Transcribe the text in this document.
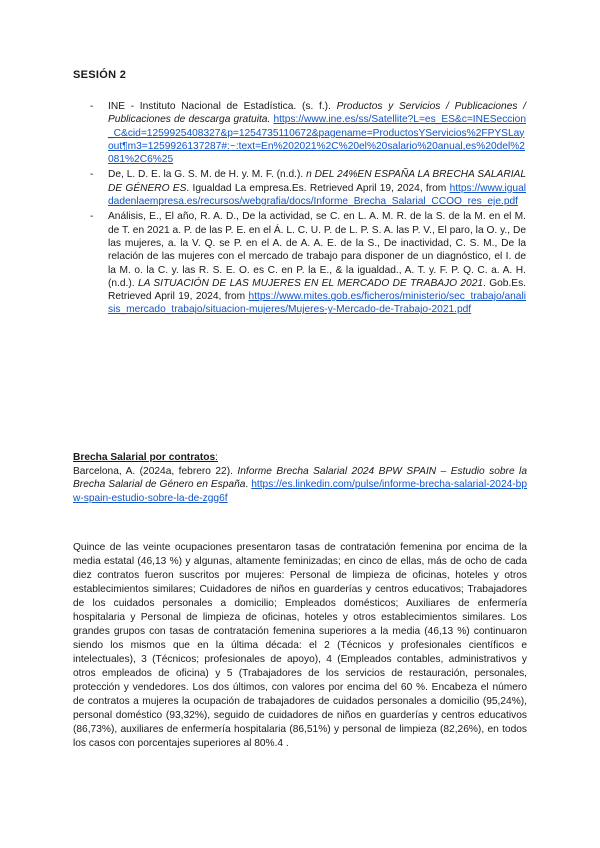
SESIÓN 2
- INE - Instituto Nacional de Estadística. (s. f.). Productos y Servicios / Publicaciones / Publicaciones de descarga gratuita. https://www.ine.es/ss/Satellite?L=es_ES&c=INESeccion_C&cid=1259925408327&p=1254735110672&pagename=ProductosYServicios%2FPYSLayout¶m3=1259926137287#:~:text=En%202021%2C%20el%20salario%20anual,es%20del%2081%2C6%25
- De, L. D. E. la G. S. M. de H. y. M. F. (n.d.). n DEL 24%EN ESPAÑA LA BRECHA SALARIAL DE GÉNERO ES. Igualdad La empresa.Es. Retrieved April 19, 2024, from https://www.igualdadenlaempresa.es/recursos/webgrafia/docs/Informe_Brecha_Salarial_CCOO_res_eje.pdf
- Análisis, E., El año, R. A. D., De la actividad, se C. en L. A. M. R. de la S. de la M. en el M. de T. en 2021 a. P. de las P. E. en el Á. L. C. U. P. de L. P. S. A. las P. V., El paro, la O. y., De las mujeres, a. la V. Q. se P. en el A. de A. A. E. de la S., De inactividad, C. S. M., De la relación de las mujeres con el mercado de trabajo para disponer de un diagnóstico, el I. de la M. o. la C. y. las R. S. E. O. es C. en P. la E., & la igualdad., A. T. y. F. P. Q. C. a. A. H. (n.d.). LA SITUACIÓN DE LAS MUJERES EN EL MERCADO DE TRABAJO 2021. Gob.Es. Retrieved April 19, 2024, from https://www.mites.gob.es/ficheros/ministerio/sec_trabajo/analisis_mercado_trabajo/situacion-mujeres/Mujeres-y-Mercado-de-Trabajo-2021.pdf
Brecha Salarial por contratos:
Barcelona, A. (2024a, febrero 22). Informe Brecha Salarial 2024 BPW SPAIN – Estudio sobre la Brecha Salarial de Género en España. https://es.linkedin.com/pulse/informe-brecha-salarial-2024-bpw-spain-estudio-sobre-la-de-zgg6f
Quince de las veinte ocupaciones presentaron tasas de contratación femenina por encima de la media estatal (46,13 %) y algunas, altamente feminizadas; en cinco de ellas, más de ocho de cada diez contratos fueron suscritos por mujeres: Personal de limpieza de oficinas, hoteles y otros establecimientos similares; Cuidadores de niños en guarderías y centros educativos; Trabajadores de los cuidados personales a domicilio; Empleados domésticos; Auxiliares de enfermería hospitalaria y Personal de limpieza de oficinas, hoteles y otros establecimientos similares. Los grandes grupos con tasas de contratación femenina superiores a la media (46,13 %) continuaron siendo los mismos que en la última década: el 2 (Técnicos y profesionales científicos e intelectuales), 3 (Técnicos; profesionales de apoyo), 4 (Empleados contables, administrativos y otros empleados de oficina) y 5 (Trabajadores de los servicios de restauración, personales, protección y vendedores. Los dos últimos, con valores por encima del 60 %. Encabeza el número de contratos a mujeres la ocupación de trabajadores de cuidados personales a domicilio (95,24%), personal doméstico (93,32%), seguido de cuidadores de niños en guarderías y centros educativos (86,73%), auxiliares de enfermería hospitalaria (86,51%) y personal de limpieza (82,26%), en todos los casos con porcentajes superiores al 80%.4 .
